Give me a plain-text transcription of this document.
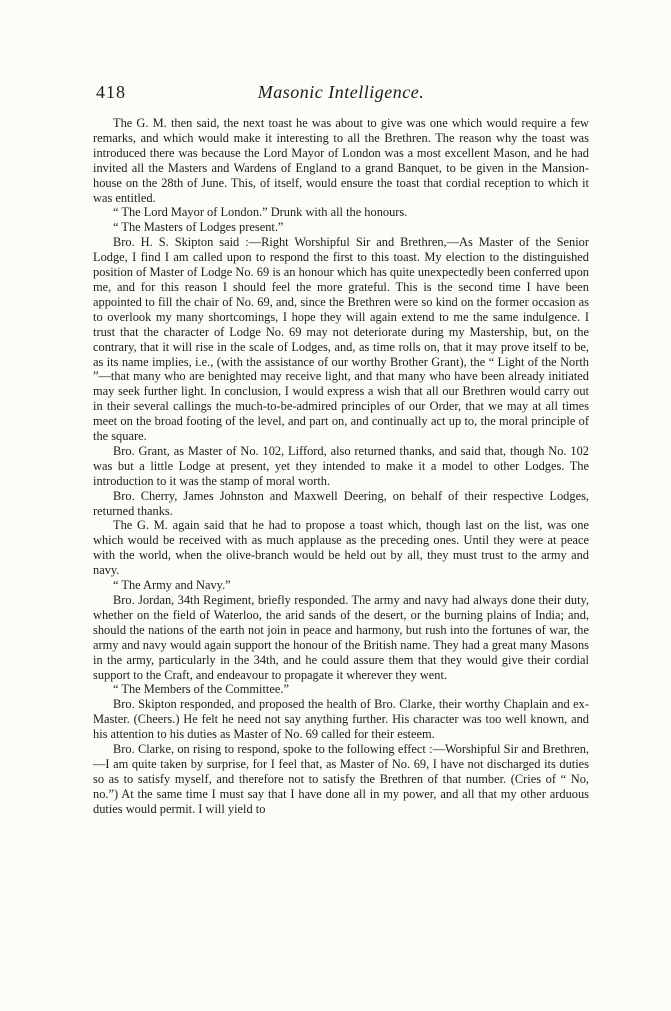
418	Masonic Intelligence.

The G. M. then said, the next toast he was about to give was one which would require a few remarks, and which would make it interesting to all the Brethren. The reason why the toast was introduced there was because the Lord Mayor of London was a most excellent Mason, and he had invited all the Masters and Wardens of England to a grand Banquet, to be given in the Mansion-house on the 28th of June. This, of itself, would ensure the toast that cordial reception to which it was entitled.

“ The Lord Mayor of London.” Drunk with all the honours.

“ The Masters of Lodges present.”

Bro. H. S. Skipton said :—Right Worshipful Sir and Brethren,—As Master of the Senior Lodge, I find I am called upon to respond the first to this toast. My election to the distinguished position of Master of Lodge No. 69 is an honour which has quite unexpectedly been conferred upon me, and for this reason I should feel the more grateful. This is the second time I have been appointed to fill the chair of No. 69, and, since the Brethren were so kind on the former occasion as to overlook my many shortcomings, I hope they will again extend to me the same indulgence. I trust that the character of Lodge No. 69 may not deteriorate during my Mastership, but, on the contrary, that it will rise in the scale of Lodges, and, as time rolls on, that it may prove itself to be, as its name implies, i.e., (with the assistance of our worthy Brother Grant), the “ Light of the North ”—that many who are benighted may receive light, and that many who have been already initiated may seek further light. In conclusion, I would express a wish that all our Brethren would carry out in their several callings the much-to-be-admired principles of our Order, that we may at all times meet on the broad footing of the level, and part on, and continually act up to, the moral principle of the square.

Bro. Grant, as Master of No. 102, Lifford, also returned thanks, and said that, though No. 102 was but a little Lodge at present, yet they intended to make it a model to other Lodges. The introduction to it was the stamp of moral worth.

Bro. Cherry, James Johnston and Maxwell Deering, on behalf of their respective Lodges, returned thanks.

The G. M. again said that he had to propose a toast which, though last on the list, was one which would be received with as much applause as the preceding ones. Until they were at peace with the world, when the olive-branch would be held out by all, they must trust to the army and navy.

“ The Army and Navy.”

Bro. Jordan, 34th Regiment, briefly responded. The army and navy had always done their duty, whether on the field of Waterloo, the arid sands of the desert, or the burning plains of India; and, should the nations of the earth not join in peace and harmony, but rush into the fortunes of war, the army and navy would again support the honour of the British name. They had a great many Masons in the army, particularly in the 34th, and he could assure them that they would give their cordial support to the Craft, and endeavour to propagate it wherever they went.

“ The Members of the Committee.”

Bro. Skipton responded, and proposed the health of Bro. Clarke, their worthy Chaplain and ex-Master. (Cheers.) He felt he need not say anything further. His character was too well known, and his attention to his duties as Master of No. 69 called for their esteem.

Bro. Clarke, on rising to respond, spoke to the following effect :—Worshipful Sir and Brethren,—I am quite taken by surprise, for I feel that, as Master of No. 69, I have not discharged its duties so as to satisfy myself, and therefore not to satisfy the Brethren of that number. (Cries of “ No, no.”) At the same time I must say that I have done all in my power, and all that my other arduous duties would permit. I will yield to
